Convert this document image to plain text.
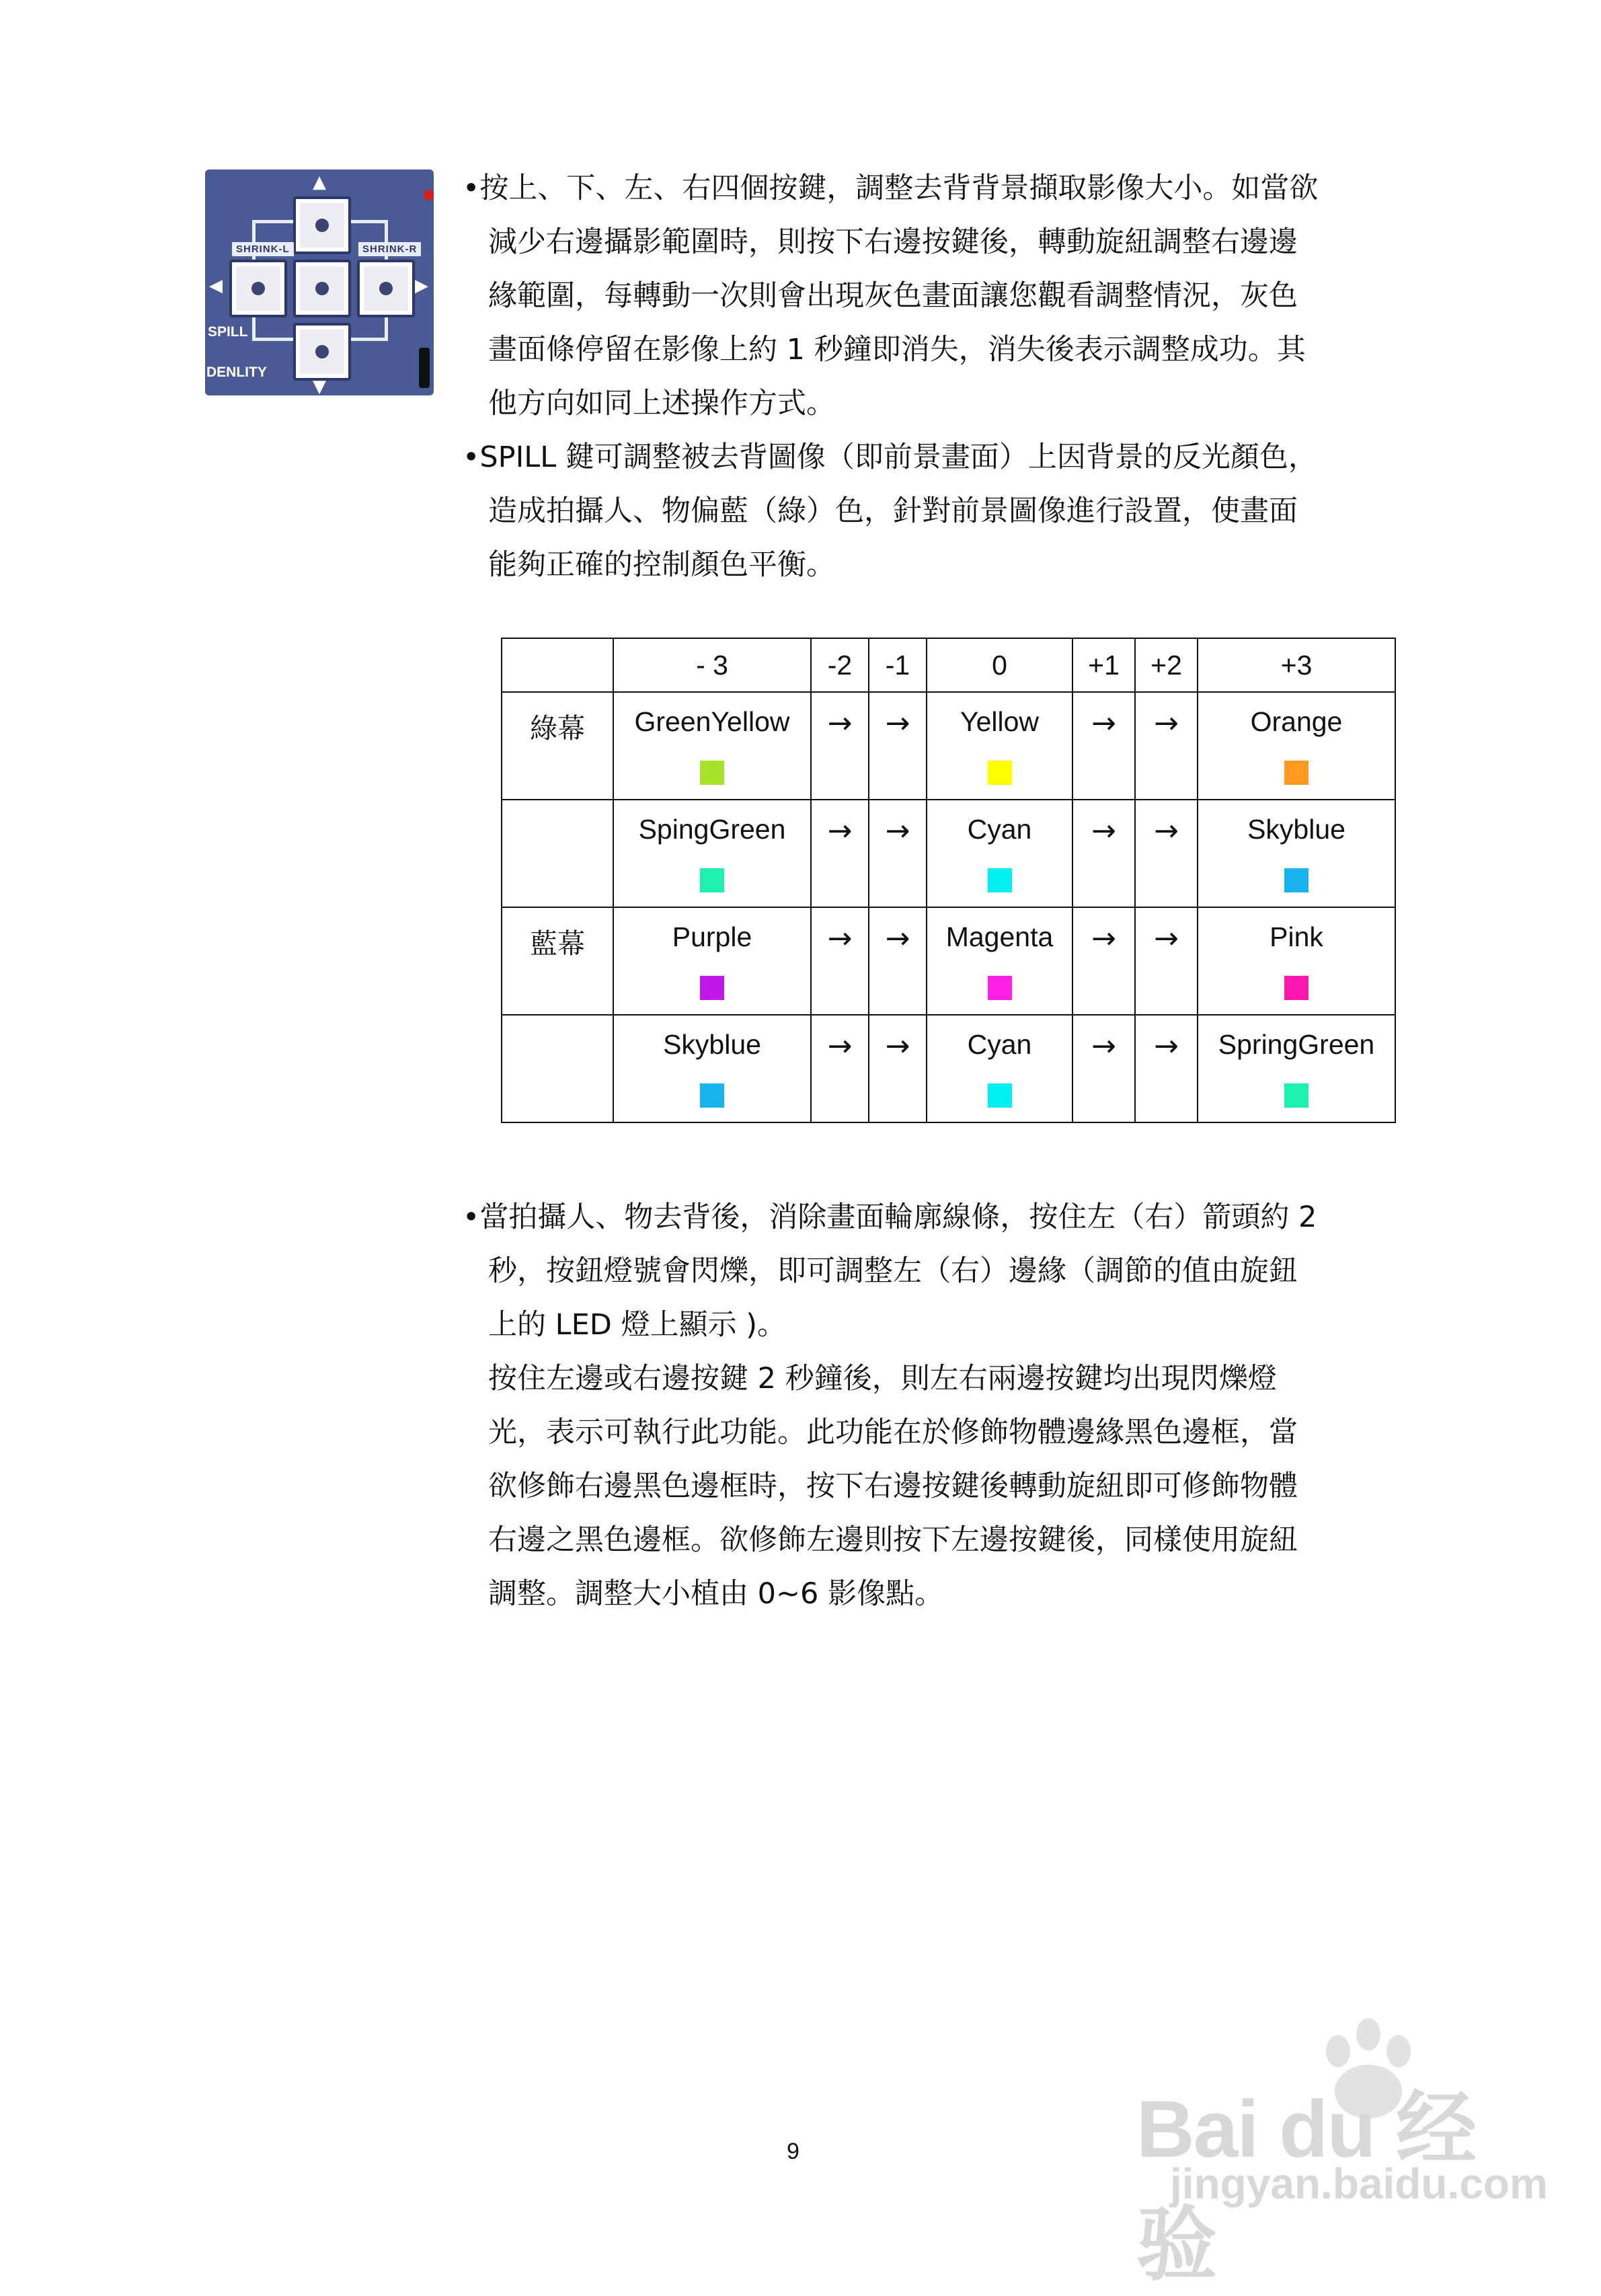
▲
◀	▶
▼
SHRINK-L	SHRINK-R
SPILL
DENLITY
•按上、下、左、右四個按鍵，調整去背背景擷取影像大小。如當欲
減少右邊攝影範圍時，則按下右邊按鍵後，轉動旋紐調整右邊邊
緣範圍，每轉動一次則會出現灰色畫面讓您觀看調整情況，灰色
畫面條停留在影像上約 1 秒鐘即消失，消失後表示調整成功。其
他方向如同上述操作方式。
•SPILL 鍵可調整被去背圖像（即前景畫面）上因背景的反光顏色，
造成拍攝人、物偏藍（綠）色，針對前景圖像進行設置，使畫面
能夠正確的控制顏色平衡。
	- 3	-2	-1	0	+1	+2	+3

綠幕	GreenYellow	→	→	Yellow	→	→	Orange

	SpingGreen	→	→	Cyan	→	→	Skyblue

藍幕	Purple	→	→	Magenta	→	→	Pink

	Skyblue	→	→	Cyan	→	→	SpringGreen
•當拍攝人、物去背後，消除畫面輪廓線條，按住左（右）箭頭約 2
秒，按鈕燈號會閃爍，即可調整左（右）邊緣（調節的值由旋鈕
上的 LED 燈上顯示 )。
按住左邊或右邊按鍵 2 秒鐘後，則左右兩邊按鍵均出現閃爍燈
光，表示可執行此功能。此功能在於修飾物體邊緣黑色邊框，當
欲修飾右邊黑色邊框時，按下右邊按鍵後轉動旋紐即可修飾物體
右邊之黑色邊框。欲修飾左邊則按下左邊按鍵後，同樣使用旋紐
調整。調整大小植由 0~6 影像點。
9	Bai du 经验
jingyan.baidu.com
